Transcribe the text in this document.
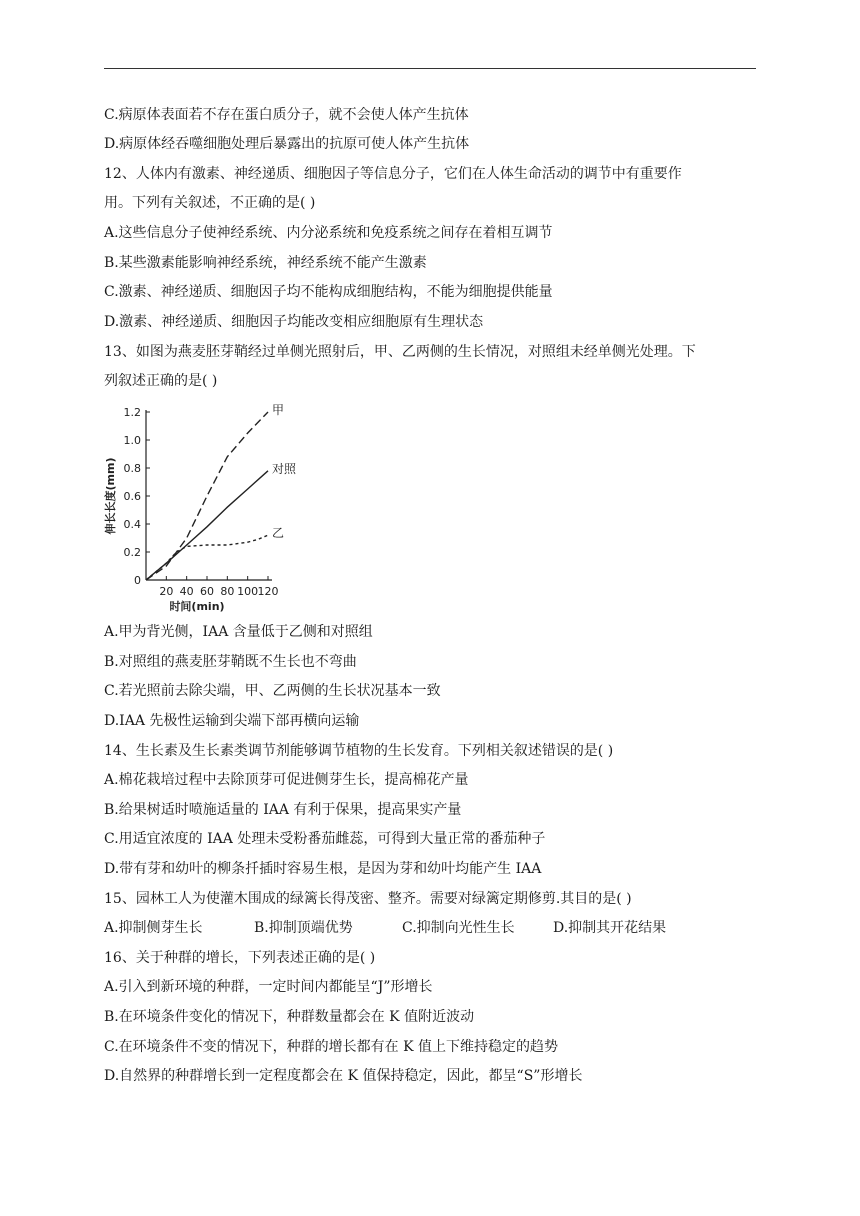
C.病原体表面若不存在蛋白质分子，就不会使人体产生抗体
D.病原体经吞噬细胞处理后暴露出的抗原可使人体产生抗体
12、人体内有激素、神经递质、细胞因子等信息分子，它们在人体生命活动的调节中有重要作
用。下列有关叙述，不正确的是( )
A.这些信息分子使神经系统、内分泌系统和免疫系统之间存在着相互调节
B.某些激素能影响神经系统，神经系统不能产生激素
C.激素、神经递质、细胞因子均不能构成细胞结构，不能为细胞提供能量
D.激素、神经递质、细胞因子均能改变相应细胞原有生理状态
13、如图为燕麦胚芽鞘经过单侧光照射后，甲、乙两侧的生长情况，对照组未经单侧光处理。下
列叙述正确的是( )
0
0.2
0.4
0.6
0.8
1.0
1.2
20 40 60 80 100 120
时间(min)
伸长长度(mm)
甲
对照
乙
A.甲为背光侧，IAA 含量低于乙侧和对照组
B.对照组的燕麦胚芽鞘既不生长也不弯曲
C.若光照前去除尖端，甲、乙两侧的生长状况基本一致
D.IAA 先极性运输到尖端下部再横向运输
14、生长素及生长素类调节剂能够调节植物的生长发育。下列相关叙述错误的是( )
A.棉花栽培过程中去除顶芽可促进侧芽生长，提高棉花产量
B.给果树适时喷施适量的 IAA 有利于保果，提高果实产量
C.用适宜浓度的 IAA 处理未受粉番茄雌蕊，可得到大量正常的番茄种子
D.带有芽和幼叶的柳条扦插时容易生根，是因为芽和幼叶均能产生 IAA
15、园林工人为使灌木围成的绿篱长得茂密、整齐。需要对绿篱定期修剪.其目的是( )
A.抑制侧芽生长	B.抑制顶端优势	C.抑制向光性生长	D.抑制其开花结果
16、关于种群的增长，下列表述正确的是( )
A.引入到新环境的种群，一定时间内都能呈“J”形增长
B.在环境条件变化的情况下，种群数量都会在 K 值附近波动
C.在环境条件不变的情况下，种群的增长都有在 K 值上下维持稳定的趋势
D.自然界的种群增长到一定程度都会在 K 值保持稳定，因此，都呈“S”形增长
